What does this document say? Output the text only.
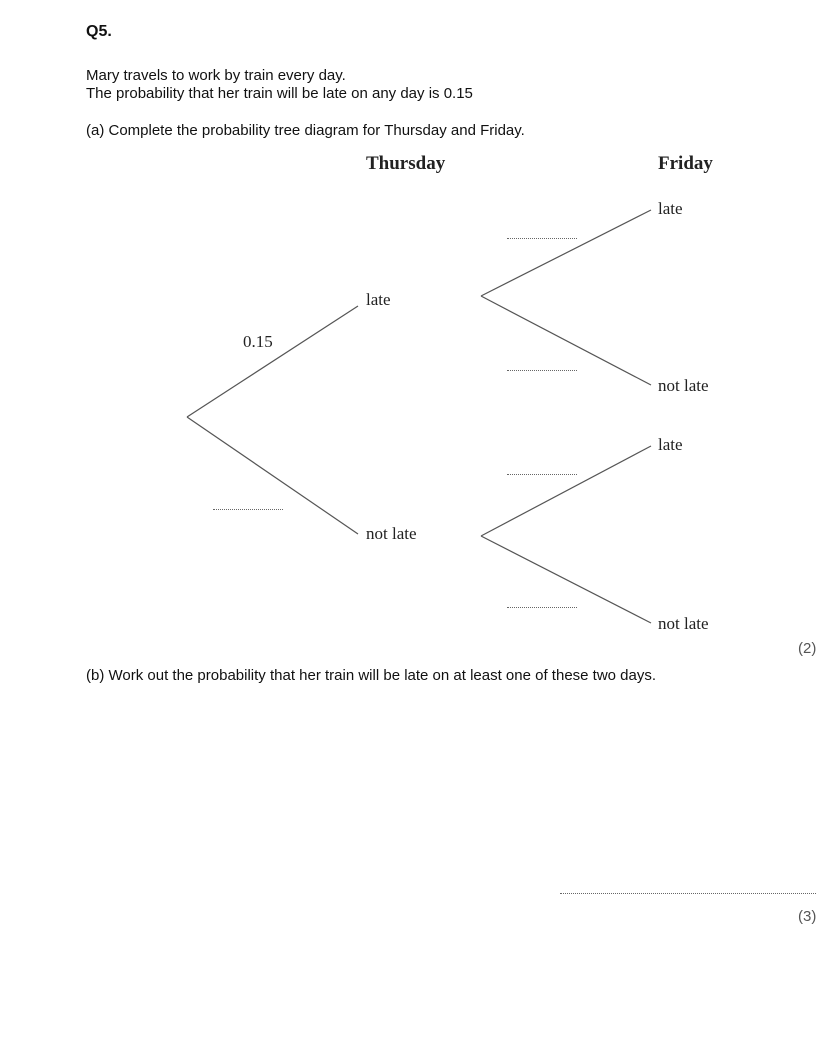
Q5.
Mary travels to work by train every day.
The probability that her train will be late on any day is 0.15
(a) Complete the probability tree diagram for Thursday and Friday.
Thursday	Friday
late
not late
0.15
late
not late
late
not late
(2)
(b) Work out the probability that her train will be late on at least one of these two days.
(3)
